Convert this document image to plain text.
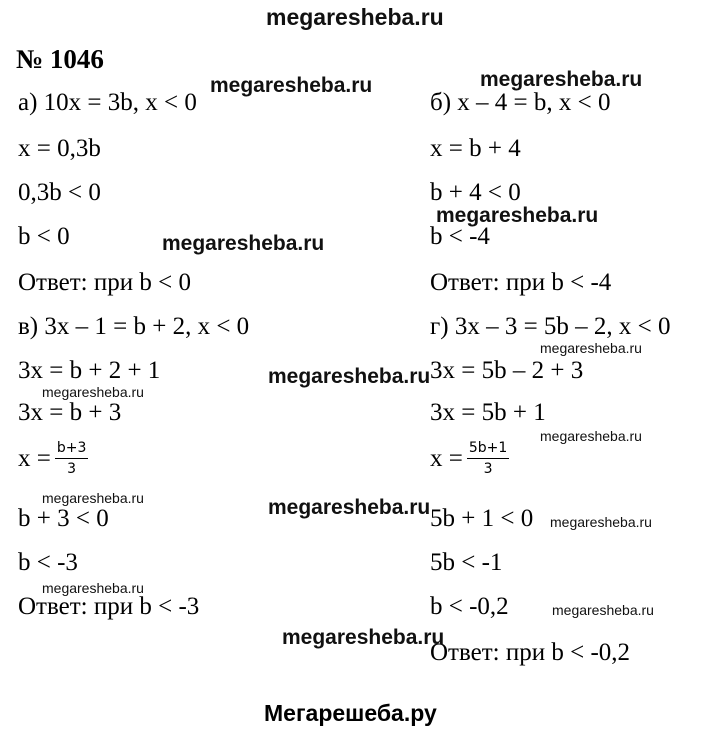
megaresheba.ru
№ 1046
а) 10x = 3b, x < 0
x = 0,3b
0,3b < 0
b < 0
Ответ: при b < 0
в) 3x – 1 = b + 2, x < 0
3x = b + 2 + 1
3x = b + 3
$x = \frac{b+3}{3}$
b + 3 < 0
b < -3
Ответ: при b < -3
б) x – 4 = b, x < 0
x = b + 4
b + 4 < 0
b < -4
Ответ: при b < -4
г) 3x – 3 = 5b – 2, x < 0
3x = 5b – 2 + 3
3x = 5b + 1
$x = \frac{5b+1}{3}$
5b + 1 < 0
5b < -1
b < -0,2
Ответ: при b < -0,2
megaresheba.ru	megaresheba.ru
megaresheba.ru
megaresheba.ru
megaresheba.ru
megaresheba.ru
megaresheba.ru
megaresheba.ru
megaresheba.ru	megaresheba.ru
megaresheba.ru
megaresheba.ru
megaresheba.ru
megaresheba.ru
Мегарешеба.ру
